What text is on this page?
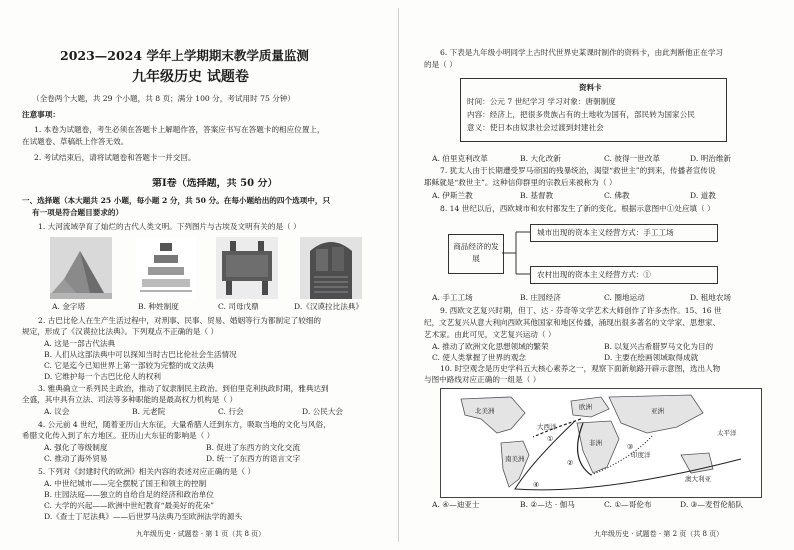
2023—2024 学年上学期期末教学质量监测
九年级历史 试题卷
（全卷两个大题，共 29 个小题，共 8 页；满分 100 分，考试用时 75 分钟）
注意事项：
1. 本卷为试题卷，考生必须在答题卡上解题作答，答案应书写在答题卡的相应位置上，
在试题卷、草稿纸上作答无效。
2. 考试结束后，请将试题卷和答题卡一并交回。
第Ⅰ卷（选择题，共 50 分）
一、选择题（本大题共 25 小题，每小题 2 分，共 50 分。在每小题给出的四个选项中，只
有一项是符合题目要求的）
1. 大河流域孕育了灿烂的古代人类文明。下列图片与古埃及文明有关的是（ ）
A. 金字塔	B. 种姓制度	C. 司母戊鼎	D.《汉谟拉比法典》
2. 古巴比伦人在生产生活过程中，对刑事、民事、贸易、婚姻等行为都制定了较细的
规定，形成了《汉谟拉比法典》。下列观点不正确的是（ ）
A. 这是一部古代法典
B. 人们从这部法典中可以探知当时古巴比伦社会生活情况
C. 它是迄今已知世界上第一部较为完整的成文法典
D. 它维护每一个古巴比伦人的权利
3. 雅典确立一系列民主政治，推动了奴隶制民主政治。到伯里克利执政时期，雅典达到
全盛，其中具有立法、司法等多种职能的是最高权力机构是（ ）
A. 议会	B. 元老院	C. 行会	D. 公民大会
4. 公元前 4 世纪，随着亚历山大东征，大量希腊人迁到东方，吸取当地的文化与风俗，
希腊文化传入到了东方地区。亚历山大东征的影响是（ ）
A. 强化了等级制度	B. 促进了东西方的文化交流
C. 推动了海外贸易	D. 统一了东西方的语言文字
5. 下列对《封建时代的欧洲》相关内容的表述对应正确的是（ ）
A. 中世纪城市——完全摆脱了国王和领主的控制
B. 庄园法庭——独立的自给自足的经济和政治单位
C. 大学的兴起——欧洲中世纪教育“最美好的花朵”
D.《查士丁尼法典》——后世罗马法典乃至欧洲法学的源头
九年级历史 · 试题卷 · 第 1 页（共 8 页）
6. 下表是九年级小明同学上古时代世界史某课时制作的资料卡，由此判断他正在学习
的是（ ）
资料卡
时间：公元 7 世纪学习 学习对象：唐朝制度
内容：经济上，把很多贵族占有的土地收为国有，部民转为国家公民
意义：使日本由奴隶社会过渡到封建社会
A. 伯里克利改革	B. 大化改新	C. 彼得一世改革	D. 明治维新
7. 犹太人由于长期遭受罗马帝国的残暴统治，渴望“救世主”的到来，传播者宣传说
耶稣就是“救世主”。这种信仰群里的宗教后来被称为（ ）
A. 伊斯兰教	B. 基督教	C. 佛教	D. 道教
8. 14 世纪以后，西欧城市和农村都发生了新的变化。根据示意图中①处应填（ ）
商品经济的发展
城市出现的资本主义经营方式：手工工场
农村出现的资本主义经营方式：①
A. 手工工场	B. 庄园经济	C. 圈地运动	D. 租地农场
9. 西欧文艺复兴时期，但丁、达 · 芬奇等文学艺术大师创作了许多杰作。15、16 世
纪，文艺复兴从意大利向西欧其他国家和地区传播，涌现出很多著名的文学家、思想家、
艺术家。由此可见，文艺复兴运动（ ）
A. 推动了欧洲文化思想领域的繁荣	B. 以复兴古希腊罗马文化为目的
C. 使人类掌握了世界的观念	D. 主要在绘画领域取得成就
10. 时空观念是历史学科五大核心素养之一，观察下面新航路开辟示意图，选出人物
与图中路线对应正确的一组是（ ）
北美洲	欧洲	亚洲
非洲
南美洲
大西洋
太平洋
印度洋
澳大利亚
①
②
③
④
A. ④—迪亚士	B. ②—达 · 伽马	C. ①—哥伦布	D. ③—麦哲伦船队
九年级历史 · 试题卷 · 第 2 页（共 8 页）
